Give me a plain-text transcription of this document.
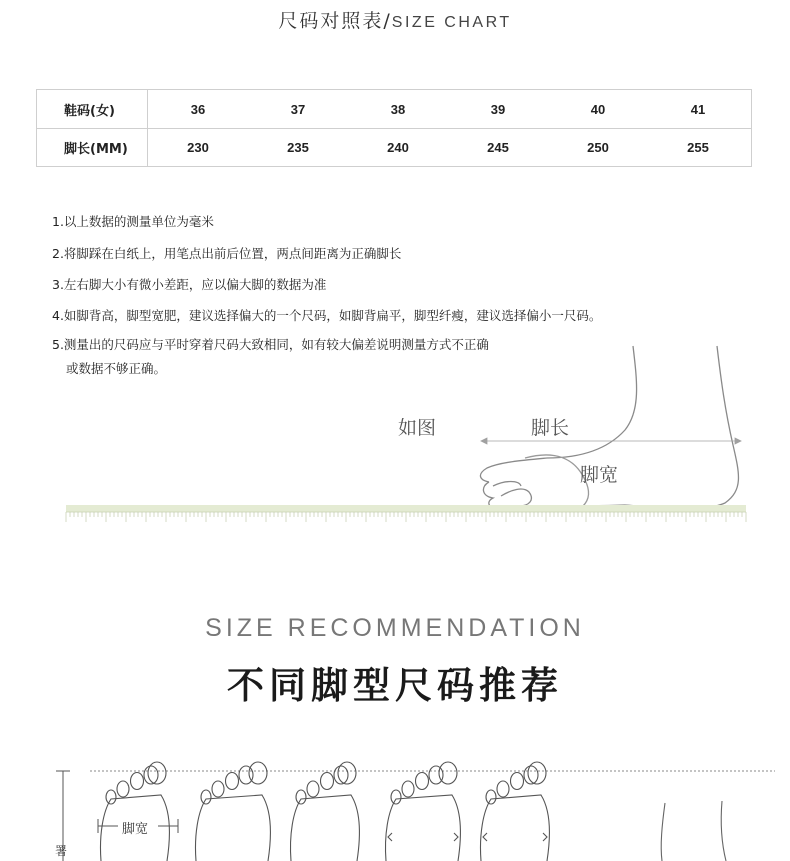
尺码对照表/SIZE CHART
鞋码(女)	36	37	38	39	40	41
脚长(MM)	230	235	240	245	250	255
1.以上数据的测量单位为毫米
2.将脚踩在白纸上，用笔点出前后位置，两点间距离为正确脚长
3.左右脚大小有微小差距，应以偏大脚的数据为准
4.如脚背高，脚型宽肥，建议选择偏大的一个尺码，如脚背扁平，脚型纤瘦，建议选择偏小一尺码。
5.测量出的尺码应与平时穿着尺码大致相同，如有较大偏差说明测量方式不正确
或数据不够正确。
如图	脚长
脚宽
SIZE RECOMMENDATION
不同脚型尺码推荐
脚宽
署
